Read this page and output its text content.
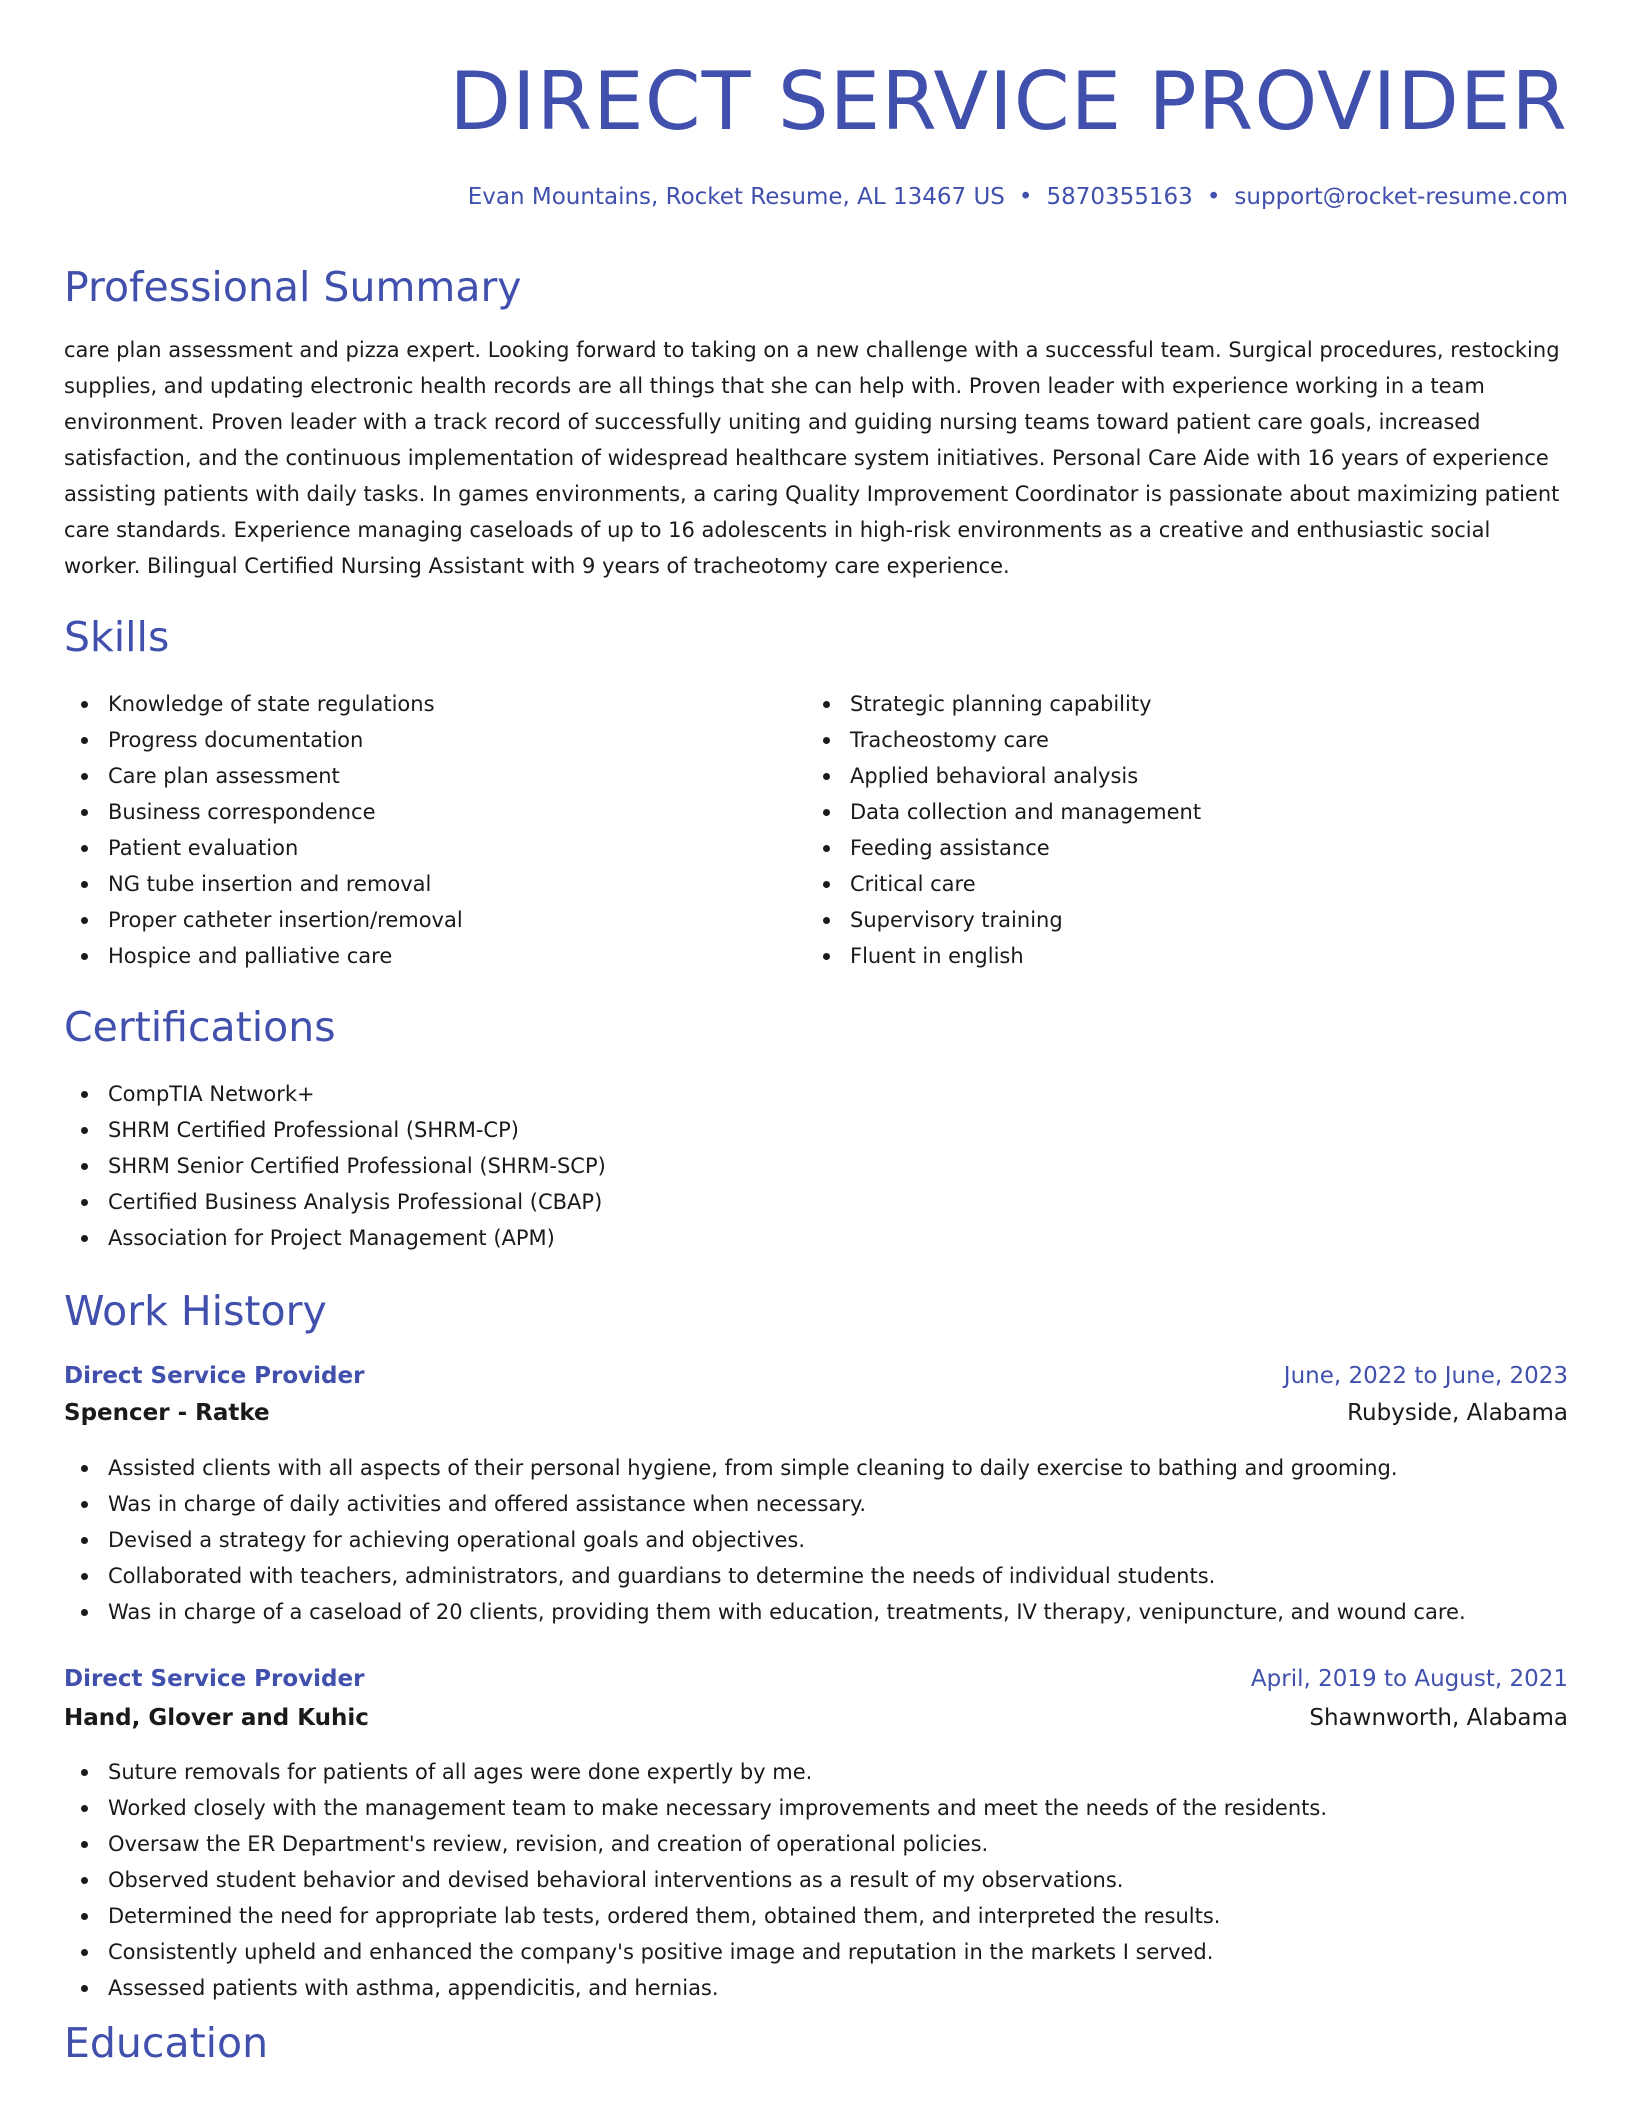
DIRECT SERVICE PROVIDER
Evan Mountains, Rocket Resume, AL 13467 US • 5870355163 • support@rocket-resume.com
Professional Summary

care plan assessment and pizza expert. Looking forward to taking on a new challenge with a successful team. Surgical procedures, restocking supplies, and updating electronic health records are all things that she can help with. Proven leader with experience working in a team environment. Proven leader with a track record of successfully uniting and guiding nursing teams toward patient care goals, increased satisfaction, and the continuous implementation of widespread healthcare system initiatives. Personal Care Aide with 16 years of experience assisting patients with daily tasks. In games environments, a caring Quality Improvement Coordinator is passionate about maximizing patient care standards. Experience managing caseloads of up to 16 adolescents in high-risk environments as a creative and enthusiastic social worker. Bilingual Certified Nursing Assistant with 9 years of tracheotomy care experience.

Skills
Knowledge of state regulations
Progress documentation
Care plan assessment
Business correspondence
Patient evaluation
NG tube insertion and removal
Proper catheter insertion/removal
Hospice and palliative care
Strategic planning capability
Tracheostomy care
Applied behavioral analysis
Data collection and management
Feeding assistance
Critical care
Supervisory training
Fluent in english
Certifications
CompTIA Network+
SHRM Certified Professional (SHRM-CP)
SHRM Senior Certified Professional (SHRM-SCP)
Certified Business Analysis Professional (CBAP)
Association for Project Management (APM)
Work History
Direct Service Provider	June, 2022 to June, 2023
Spencer - Ratke	Rubyside, Alabama
Assisted clients with all aspects of their personal hygiene, from simple cleaning to daily exercise to bathing and grooming.
Was in charge of daily activities and offered assistance when necessary.
Devised a strategy for achieving operational goals and objectives.
Collaborated with teachers, administrators, and guardians to determine the needs of individual students.
Was in charge of a caseload of 20 clients, providing them with education, treatments, IV therapy, venipuncture, and wound care.
Direct Service Provider	April, 2019 to August, 2021
Hand, Glover and Kuhic	Shawnworth, Alabama
Suture removals for patients of all ages were done expertly by me.
Worked closely with the management team to make necessary improvements and meet the needs of the residents.
Oversaw the ER Department's review, revision, and creation of operational policies.
Observed student behavior and devised behavioral interventions as a result of my observations.
Determined the need for appropriate lab tests, ordered them, obtained them, and interpreted the results.
Consistently upheld and enhanced the company's positive image and reputation in the markets I served.
Assessed patients with asthma, appendicitis, and hernias.
Education
